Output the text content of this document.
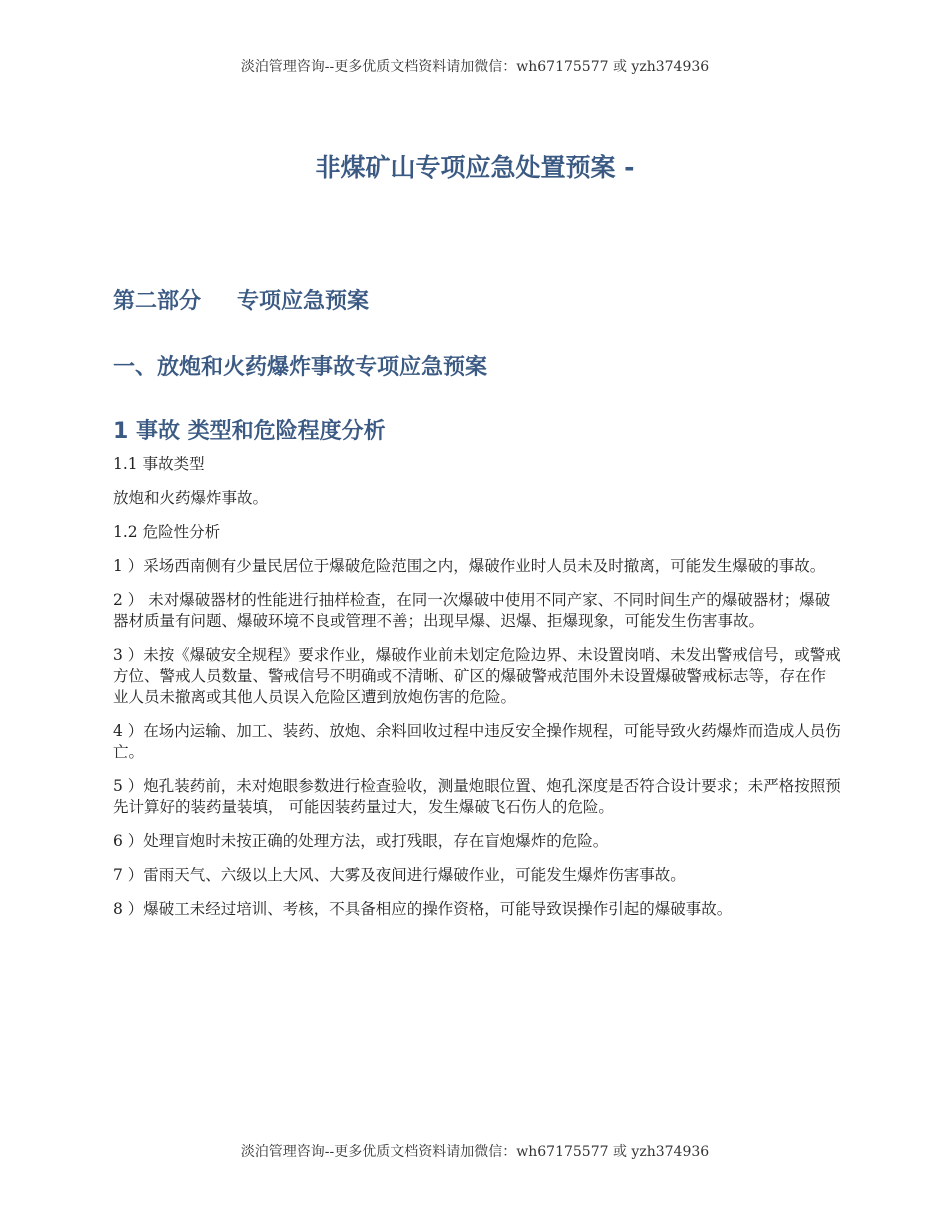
淡泊管理咨询--更多优质文档资料请加微信：wh67175577 或 yzh374936
非煤矿山专项应急处置预案 -
第二部分 专项应急预案
一、放炮和火药爆炸事故专项应急预案
1 事故 类型和危险程度分析

1.1 事故类型

放炮和火药爆炸事故。

1.2 危险性分析

1 ）采场西南侧有少量民居位于爆破危险范围之内，爆破作业时人员未及时撤离，可能发生爆破的事故。

2 ） 未对爆破器材的性能进行抽样检查，在同一次爆破中使用不同产家、不同时间生产的爆破器材；爆破器材质量有问题、爆破环境不良或管理不善；出现早爆、迟爆、拒爆现象，可能发生伤害事故。

3 ）未按《爆破安全规程》要求作业，爆破作业前未划定危险边界、未设置岗哨、未发出警戒信号，或警戒方位、警戒人员数量、警戒信号不明确或不清晰、矿区的爆破警戒范围外未设置爆破警戒标志等，存在作业人员未撤离或其他人员误入危险区遭到放炮伤害的危险。

4 ）在场内运输、加工、装药、放炮、余料回收过程中违反安全操作规程，可能导致火药爆炸而造成人员伤亡。

5 ）炮孔装药前，未对炮眼参数进行检查验收，测量炮眼位置、炮孔深度是否符合设计要求；未严格按照预先计算好的装药量装填， 可能因装药量过大，发生爆破飞石伤人的危险。

6 ）处理盲炮时未按正确的处理方法，或打残眼，存在盲炮爆炸的危险。

7 ）雷雨天气、六级以上大风、大雾及夜间进行爆破作业，可能发生爆炸伤害事故。

8 ）爆破工未经过培训、考核，不具备相应的操作资格，可能导致误操作引起的爆破事故。

淡泊管理咨询--更多优质文档资料请加微信：wh67175577 或 yzh374936
